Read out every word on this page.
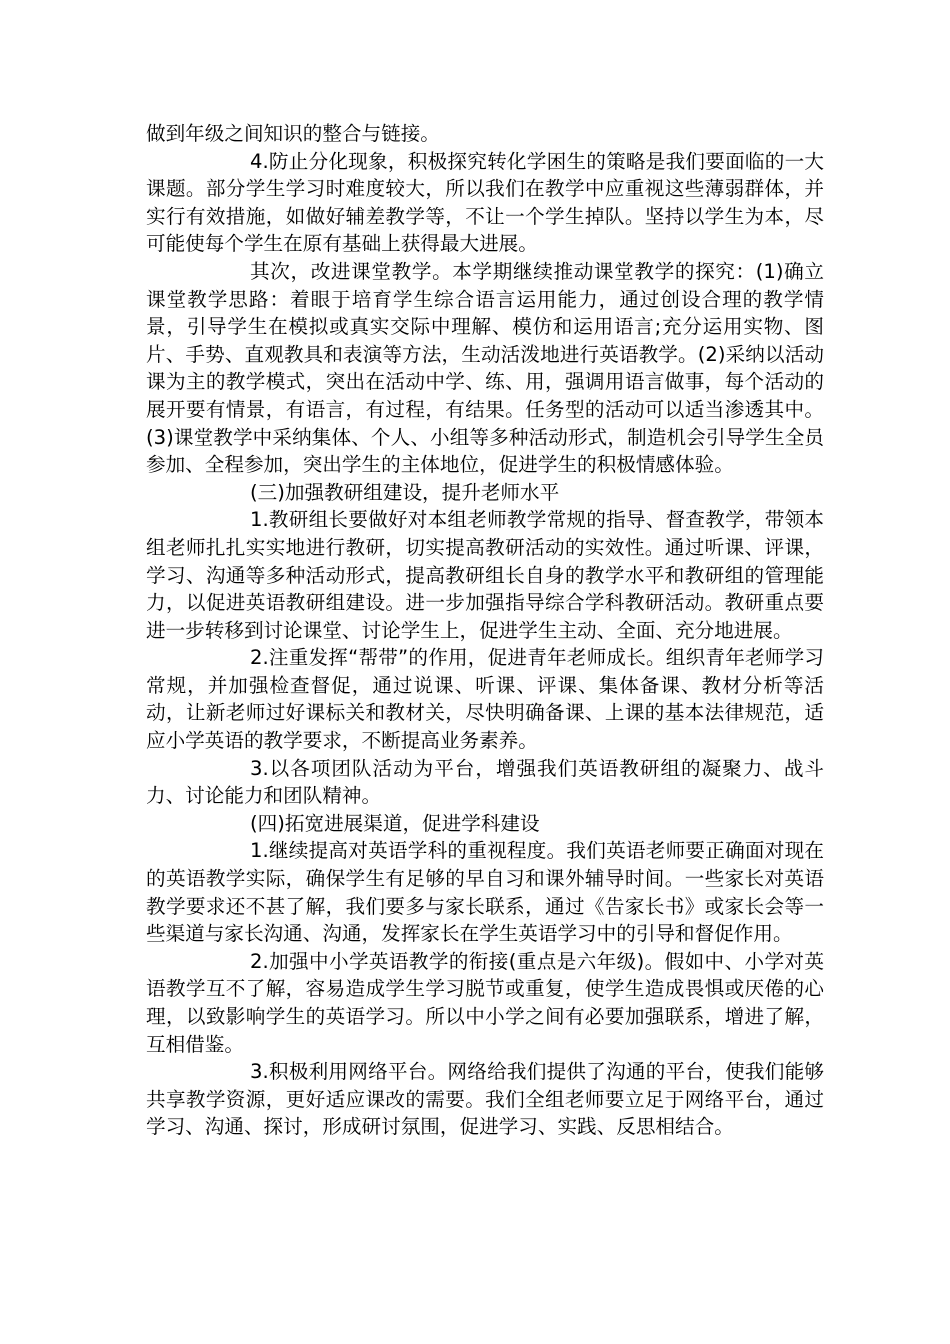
做到年级之间知识的整合与链接。

4.防止分化现象，积极探究转化学困生的策略是我们要面临的一大课题。部分学生学习时难度较大，所以我们在教学中应重视这些薄弱群体，并实行有效措施，如做好辅差教学等，不让一个学生掉队。坚持以学生为本，尽可能使每个学生在原有基础上获得最大进展。

其次，改进课堂教学。本学期继续推动课堂教学的探究：(1)确立课堂教学思路：着眼于培育学生综合语言运用能力，通过创设合理的教学情景，引导学生在模拟或真实交际中理解、模仿和运用语言;充分运用实物、图片、手势、直观教具和表演等方法，生动活泼地进行英语教学。(2)采纳以活动课为主的教学模式，突出在活动中学、练、用，强调用语言做事，每个活动的展开要有情景，有语言，有过程，有结果。任务型的活动可以适当渗透其中。(3)课堂教学中采纳集体、个人、小组等多种活动形式，制造机会引导学生全员参加、全程参加，突出学生的主体地位，促进学生的积极情感体验。

(三)加强教研组建设，提升老师水平

1.教研组长要做好对本组老师教学常规的指导、督查教学，带领本组老师扎扎实实地进行教研，切实提高教研活动的实效性。通过听课、评课，学习、沟通等多种活动形式，提高教研组长自身的教学水平和教研组的管理能力，以促进英语教研组建设。进一步加强指导综合学科教研活动。教研重点要进一步转移到讨论课堂、讨论学生上，促进学生主动、全面、充分地进展。

2.注重发挥“帮带”的作用，促进青年老师成长。组织青年老师学习常规，并加强检查督促，通过说课、听课、评课、集体备课、教材分析等活动，让新老师过好课标关和教材关，尽快明确备课、上课的基本法律规范，适应小学英语的教学要求，不断提高业务素养。

3.以各项团队活动为平台，增强我们英语教研组的凝聚力、战斗力、讨论能力和团队精神。

(四)拓宽进展渠道，促进学科建设

1.继续提高对英语学科的重视程度。我们英语老师要正确面对现在的英语教学实际，确保学生有足够的早自习和课外辅导时间。一些家长对英语教学要求还不甚了解，我们要多与家长联系，通过《告家长书》或家长会等一些渠道与家长沟通、沟通，发挥家长在学生英语学习中的引导和督促作用。

2.加强中小学英语教学的衔接(重点是六年级)。假如中、小学对英语教学互不了解，容易造成学生学习脱节或重复，使学生造成畏惧或厌倦的心理，以致影响学生的英语学习。所以中小学之间有必要加强联系，增进了解，互相借鉴。

3.积极利用网络平台。网络给我们提供了沟通的平台，使我们能够共享教学资源，更好适应课改的需要。我们全组老师要立足于网络平台，通过学习、沟通、探讨，形成研讨氛围，促进学习、实践、反思相结合。
